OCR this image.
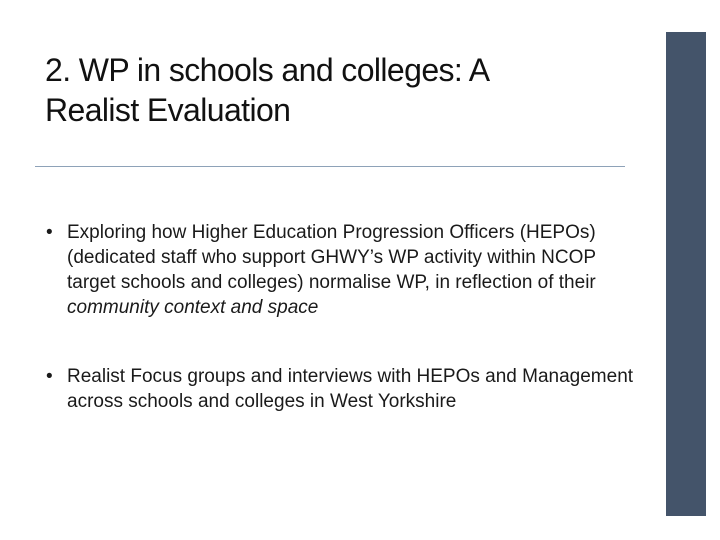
2. WP in schools and colleges: A
Realist Evaluation
• Exploring how Higher Education Progression Officers (HEPOs) (dedicated staff who support GHWY’s WP activity within NCOP target schools and colleges) normalise WP, in reflection of their community context and space
• Realist Focus groups and interviews with HEPOs and Management across schools and colleges in West Yorkshire
